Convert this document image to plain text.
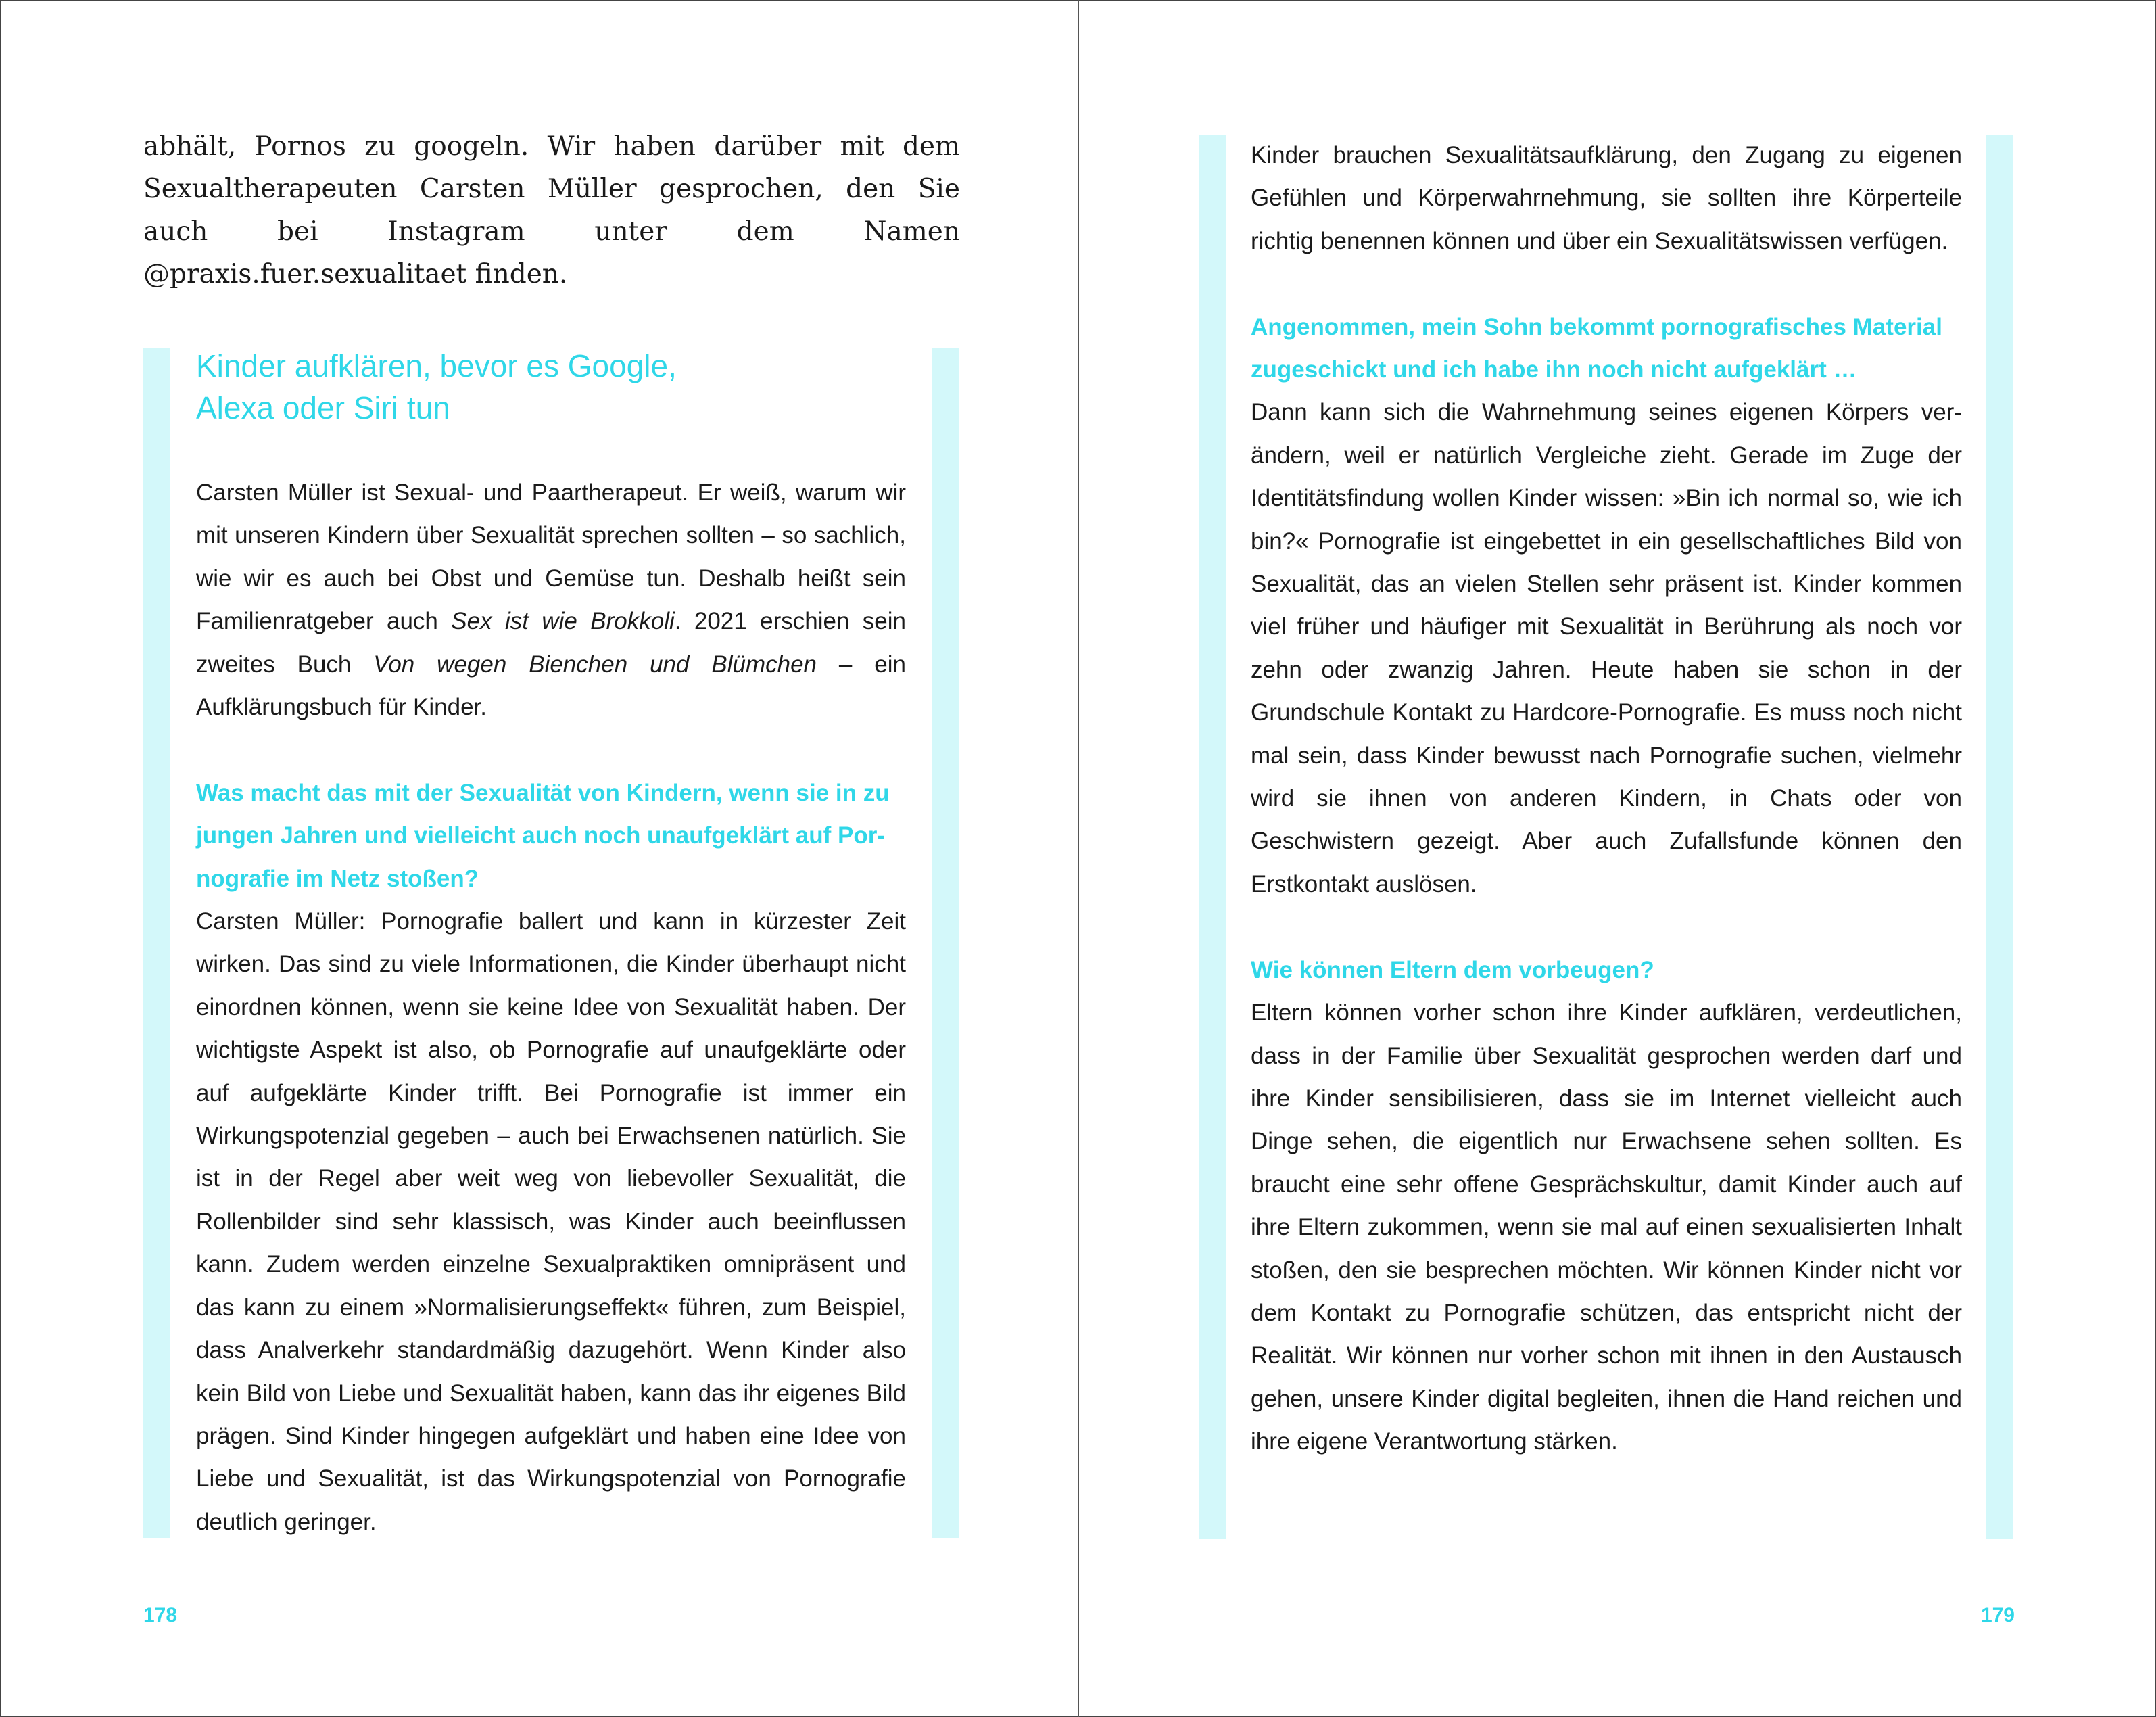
abhält, Pornos zu googeln. Wir haben darüber mit dem Sexualtherapeuten Carsten Müller gesprochen, den Sie auch bei Instagram unter dem Namen @praxis.fuer.sexualitaet finden.

Kinder aufklären, bevor es Google,
Alexa oder Siri tun

Carsten Müller ist Sexual- und Paartherapeut. Er weiß, warum wir mit unseren Kindern über Sexualität sprechen sollten – so sachlich, wie wir es auch bei Obst und Gemüse tun. Deshalb heißt sein Familienratgeber auch Sex ist wie Brokkoli. 2021 erschien sein zweites Buch Von wegen Bienchen und Blümchen – ein Aufklärungsbuch für Kinder.

Was macht das mit der Sexualität von Kindern, wenn sie in zu jungen Jahren und vielleicht auch noch unaufgeklärt auf Pornografie im Netz stoßen?

Carsten Müller: Pornografie ballert und kann in kürzester Zeit wirken. Das sind zu viele Informationen, die Kinder überhaupt nicht einordnen können, wenn sie keine Idee von Sexualität haben. Der wichtigste Aspekt ist also, ob Pornografie auf unaufgeklärte oder auf aufgeklärte Kinder trifft. Bei Pornografie ist immer ein Wirkungspotenzial gegeben – auch bei Erwachsenen natürlich. Sie ist in der Regel aber weit weg von liebevoller Sexualität, die Rollenbilder sind sehr klassisch, was Kinder auch beeinflussen kann. Zudem werden einzelne Sexualpraktiken omnipräsent und das kann zu einem »Normalisierungseffekt« führen, zum Beispiel, dass Analverkehr standardmäßig dazugehört. Wenn Kinder also kein Bild von Liebe und Sexualität haben, kann das ihr eigenes Bild prägen. Sind Kinder hingegen aufgeklärt und haben eine Idee von Liebe und Sexualität, ist das Wirkungspotenzial von Pornografie deutlich geringer.

178

Kinder brauchen Sexualitätsaufklärung, den Zugang zu eigenen Gefühlen und Körperwahrnehmung, sie sollten ihre Körperteile richtig benennen können und über ein Sexualitätswissen verfügen.

Angenommen, mein Sohn bekommt pornografisches Material zugeschickt und ich habe ihn noch nicht aufgeklärt …

Dann kann sich die Wahrnehmung seines eigenen Körpers verändern, weil er natürlich Vergleiche zieht. Gerade im Zuge der Identitätsfindung wollen Kinder wissen: »Bin ich normal so, wie ich bin?« Pornografie ist eingebettet in ein gesellschaftliches Bild von Sexualität, das an vielen Stellen sehr präsent ist. Kinder kommen viel früher und häufiger mit Sexualität in Berührung als noch vor zehn oder zwanzig Jahren. Heute haben sie schon in der Grundschule Kontakt zu Hardcore-Pornografie. Es muss noch nicht mal sein, dass Kinder bewusst nach Pornografie suchen, vielmehr wird sie ihnen von anderen Kindern, in Chats oder von Geschwistern gezeigt. Aber auch Zufallsfunde können den Erstkontakt auslösen.

Wie können Eltern dem vorbeugen?

Eltern können vorher schon ihre Kinder aufklären, verdeutlichen, dass in der Familie über Sexualität gesprochen werden darf und ihre Kinder sensibilisieren, dass sie im Internet vielleicht auch Dinge sehen, die eigentlich nur Erwachsene sehen sollten. Es braucht eine sehr offene Gesprächskultur, damit Kinder auch auf ihre Eltern zukommen, wenn sie mal auf einen sexualisierten Inhalt stoßen, den sie besprechen möchten. Wir können Kinder nicht vor dem Kontakt zu Pornografie schützen, das entspricht nicht der Realität. Wir können nur vorher schon mit ihnen in den Austausch gehen, unsere Kinder digital begleiten, ihnen die Hand reichen und ihre eigene Verantwortung stärken.

179
